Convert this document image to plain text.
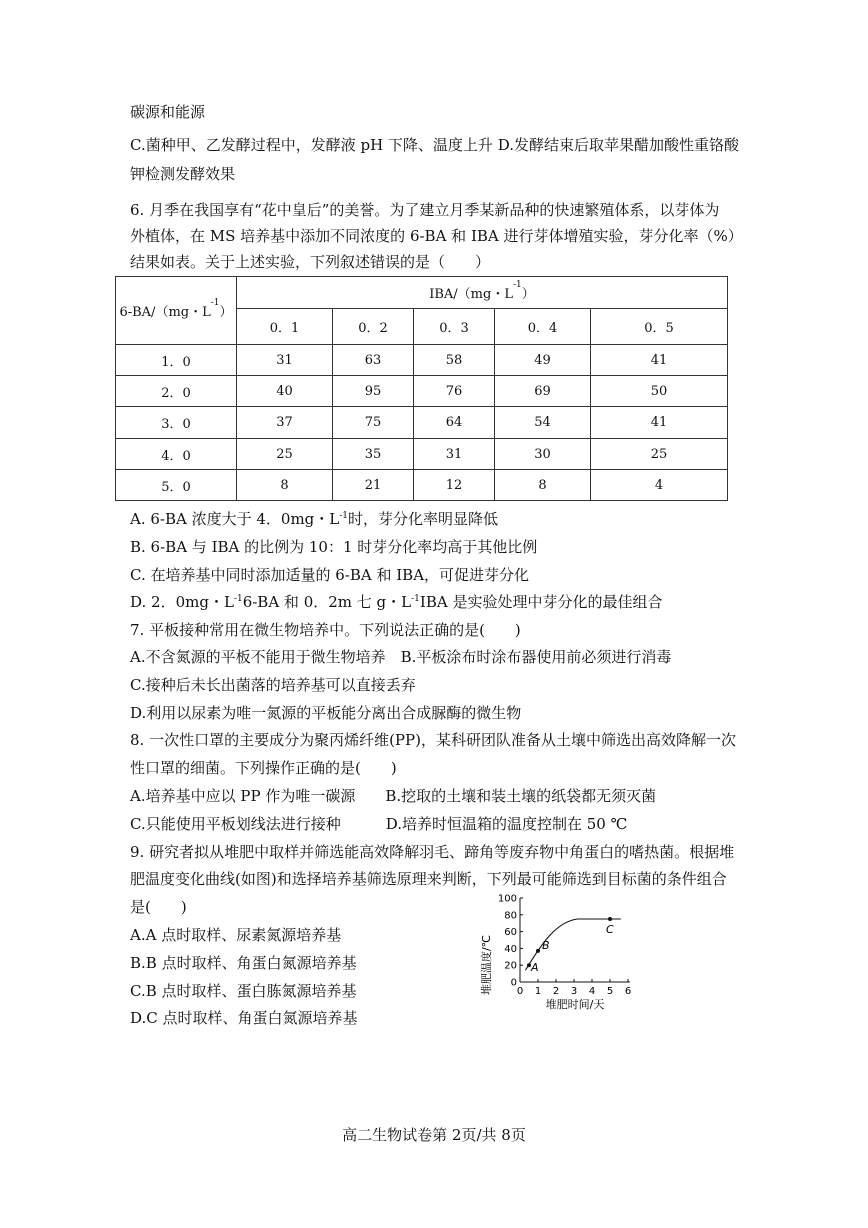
碳源和能源
C.菌种甲、乙发酵过程中，发酵液 pH 下降、温度上升 D.发酵结束后取苹果醋加酸性重铬酸
钾检测发酵效果
6. 月季在我国享有“花中皇后”的美誉。为了建立月季某新品种的快速繁殖体系，以芽体为
外植体，在 MS 培养基中添加不同浓度的 6-BA 和 IBA 进行芽体增殖实验，芽分化率（%）
结果如表。关于上述实验，下列叙述错误的是（　　）
6-BA/（mg・$L^{-1}$）	IBA/（mg・$L^{-1}$）				
	0．1	0．2	0．3	0．4	0．5
1．0	31	63	58	49	41
2．0	40	95	76	69	50
3．0	37	75	64	54	41
4．0	25	35	31	30	25
5．0	8	21	12	8	4
A. 6-BA 浓度大于 4．0mg・$L^{-1}$时，芽分化率明显降低
B. 6-BA 与 IBA 的比例为 10：1 时芽分化率均高于其他比例
C. 在培养基中同时添加适量的 6-BA 和 IBA，可促进芽分化
D. 2．0mg・$L^{-1}6-BA$ 和 0．2m 七 g・$L^{-1}IBA$ 是实验处理中芽分化的最佳组合
7. 平板接种常用在微生物培养中。下列说法正确的是(　　)
A.不含氮源的平板不能用于微生物培养　B.平板涂布时涂布器使用前必须进行消毒
C.接种后未长出菌落的培养基可以直接丢弃
D.利用以尿素为唯一氮源的平板能分离出合成脲酶的微生物
8. 一次性口罩的主要成分为聚丙烯纤维(PP)，某科研团队准备从土壤中筛选出高效降解一次
性口罩的细菌。下列操作正确的是(　　)
A.培养基中应以 PP 作为唯一碳源　　B.挖取的土壤和装土壤的纸袋都无须灭菌
C.只能使用平板划线法进行接种　　　D.培养时恒温箱的温度控制在 50 ℃
9. 研究者拟从堆肥中取样并筛选能高效降解羽毛、蹄角等废弃物中角蛋白的嗜热菌。根据堆
肥温度变化曲线(如图)和选择培养基筛选原理来判断，下列最可能筛选到目标菌的条件组合
是(　　)
A.A 点时取样、尿素氮源培养基
B.B 点时取样、角蛋白氮源培养基
C.B 点时取样、蛋白胨氮源培养基
D.C 点时取样、角蛋白氮源培养基
堆肥温度/℃ 0
20
40
60
80
100
0 1 2 3 4 5 6
A
B
C
堆肥时间/天
高二生物试卷第 2页/共 8页
